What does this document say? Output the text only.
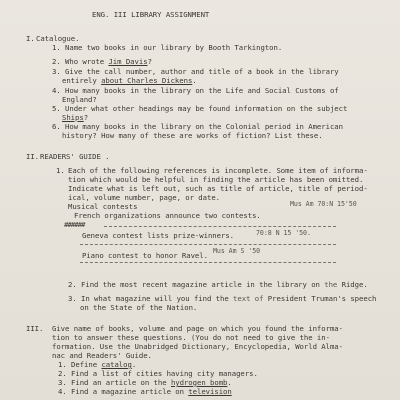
ENG. III LIBRARY ASSIGNMENT
I. Catalogue.
1. Name two books in our library by Booth Tarkington.
2. Who wrote Jim Davis?
3. Give the call number, author and title of a book in the library
entirely about Charles Dickens.
4. How many books in the library on the Life and Social Customs of
England?
5. Under what other headings may be found information on the subject
Ships?
6. How many books in the library on the Colonial period in American
history? How many of these are works of fiction? List these.
II. READERS' GUIDE .
1. Each of the following references is incomplete. Some item of informa-
tion which would be helpful in finding the article has been omitted.
Indicate what is left out, such as title of article, title of period-
ical, volume number, page, or date.
Musical contests
French organizations announce two contests.
Mus Am 70:N 15'50
######
Geneva contest lists prize-winners.	70:8 N 15 '50.
Piano contest to honor Ravel. Mus Am S '50
2. Find the most recent magazine article in the library on the Ridge.
3. In what magazine will you find the text of President Truman's speech
on the State of the Nation.
III. Give name of books, volume and page on which you found the informa-
tion to answer these questions. (You do not need to give the in-
formation. Use the Unabridged Dictionary, Encyclopedia, World Alma-
nac and Readers' Guide.
1. Define catalog.
2. Find a list of cities having city managers.
3. Find an article on the hydrogen bomb.
4. Find a magazine article on television
